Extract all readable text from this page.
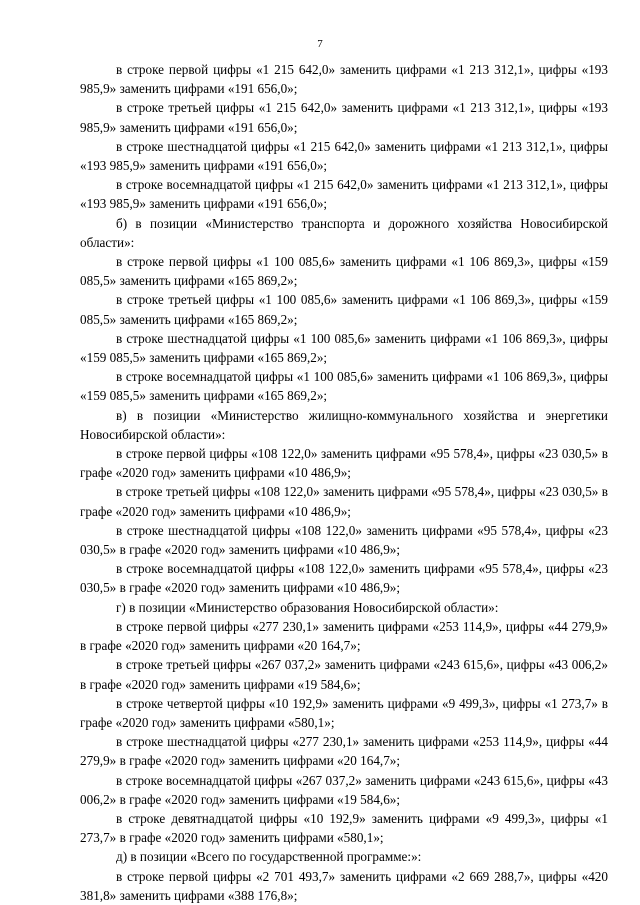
7

в строке первой цифры «1 215 642,0» заменить цифрами «1 213 312,1», цифры «193 985,9» заменить цифрами «191 656,0»;

в строке третьей цифры «1 215 642,0» заменить цифрами «1 213 312,1», цифры «193 985,9» заменить цифрами «191 656,0»;

в строке шестнадцатой цифры «1 215 642,0» заменить цифрами «1 213 312,1», цифры «193 985,9» заменить цифрами «191 656,0»;

в строке восемнадцатой цифры «1 215 642,0» заменить цифрами «1 213 312,1», цифры «193 985,9» заменить цифрами «191 656,0»;

б) в позиции «Министерство транспорта и дорожного хозяйства Новосибирской области»:

в строке первой цифры «1 100 085,6» заменить цифрами «1 106 869,3», цифры «159 085,5» заменить цифрами «165 869,2»;

в строке третьей цифры «1 100 085,6» заменить цифрами «1 106 869,3», цифры «159 085,5» заменить цифрами «165 869,2»;

в строке шестнадцатой цифры «1 100 085,6» заменить цифрами «1 106 869,3», цифры «159 085,5» заменить цифрами «165 869,2»;

в строке восемнадцатой цифры «1 100 085,6» заменить цифрами «1 106 869,3», цифры «159 085,5» заменить цифрами «165 869,2»;

в) в позиции «Министерство жилищно-коммунального хозяйства и энергетики Новосибирской области»:

в строке первой цифры «108 122,0» заменить цифрами «95 578,4», цифры «23 030,5» в графе «2020 год» заменить цифрами «10 486,9»;

в строке третьей цифры «108 122,0» заменить цифрами «95 578,4», цифры «23 030,5» в графе «2020 год» заменить цифрами «10 486,9»;

в строке шестнадцатой цифры «108 122,0» заменить цифрами «95 578,4», цифры «23 030,5» в графе «2020 год» заменить цифрами «10 486,9»;

в строке восемнадцатой цифры «108 122,0» заменить цифрами «95 578,4», цифры «23 030,5» в графе «2020 год» заменить цифрами «10 486,9»;

г) в позиции «Министерство образования Новосибирской области»:

в строке первой цифры «277 230,1» заменить цифрами «253 114,9», цифры «44 279,9» в графе «2020 год» заменить цифрами «20 164,7»;

в строке третьей цифры «267 037,2» заменить цифрами «243 615,6», цифры «43 006,2» в графе «2020 год» заменить цифрами «19 584,6»;

в строке четвертой цифры «10 192,9» заменить цифрами «9 499,3», цифры «1 273,7» в графе «2020 год» заменить цифрами «580,1»;

в строке шестнадцатой цифры «277 230,1» заменить цифрами «253 114,9», цифры «44 279,9» в графе «2020 год» заменить цифрами «20 164,7»;

в строке восемнадцатой цифры «267 037,2» заменить цифрами «243 615,6», цифры «43 006,2» в графе «2020 год» заменить цифрами «19 584,6»;

в строке девятнадцатой цифры «10 192,9» заменить цифрами «9 499,3», цифры «1 273,7» в графе «2020 год» заменить цифрами «580,1»;

д) в позиции «Всего по государственной программе:»:

в строке первой цифры «2 701 493,7» заменить цифрами «2 669 288,7», цифры «420 381,8» заменить цифрами «388 176,8»;
